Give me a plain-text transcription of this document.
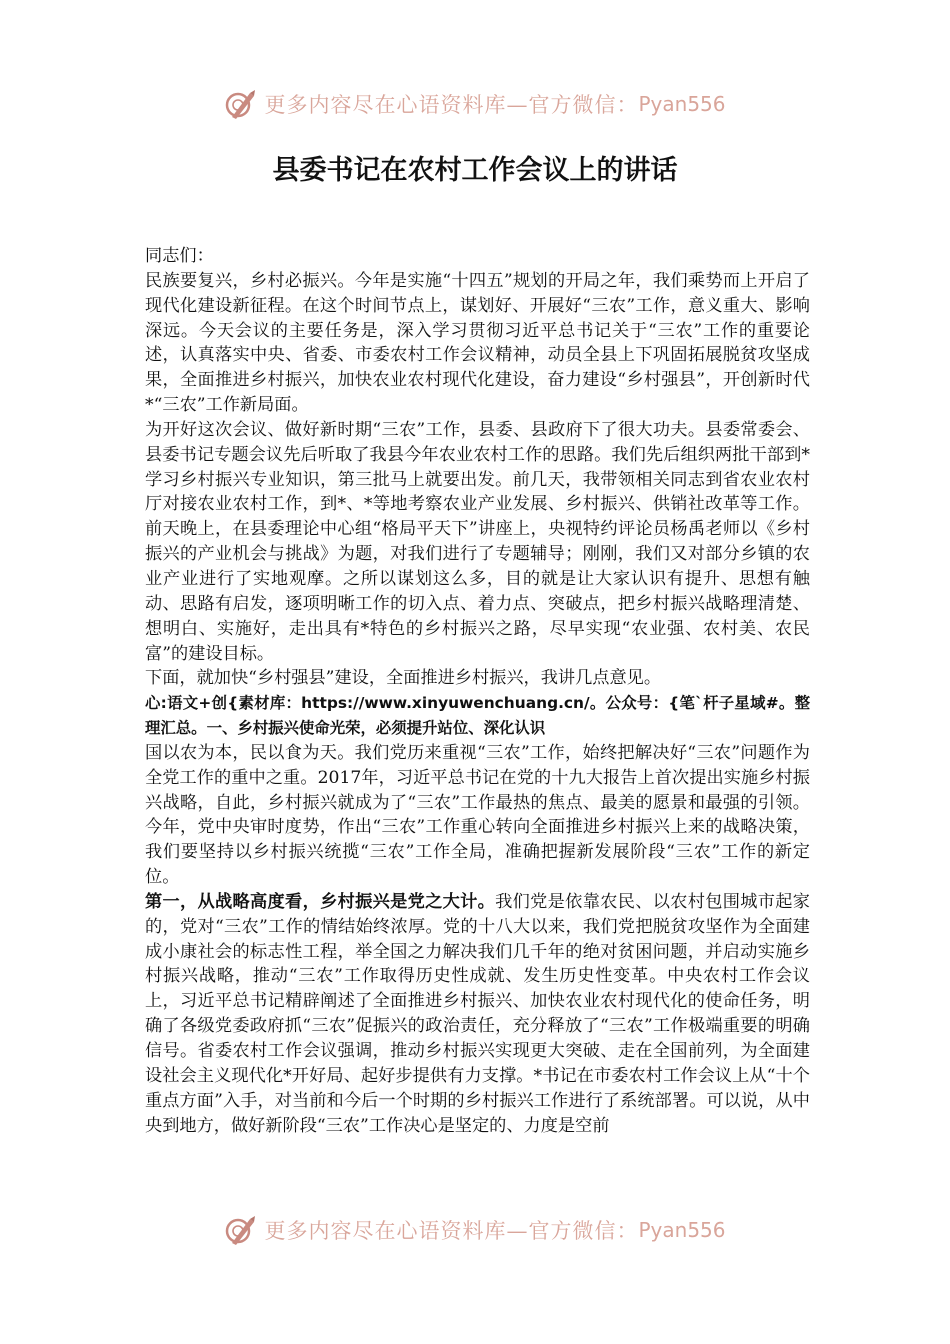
更多内容尽在心语资料库—官方微信： Pyan556
县委书记在农村工作会议上的讲话

同志们：

民族要复兴，乡村必振兴。今年是实施“十四五”规划的开局之年，我们乘势而上开启了现代化建设新征程。在这个时间节点上，谋划好、开展好“三农”工作，意义重大、影响深远。今天会议的主要任务是，深入学习贯彻习近平总书记关于“三农”工作的重要论述，认真落实中央、省委、市委农村工作会议精神，动员全县上下巩固拓展脱贫攻坚成果，全面推进乡村振兴，加快农业农村现代化建设，奋力建设“乡村强县”，开创新时代*“三农”工作新局面。

为开好这次会议、做好新时期“三农”工作，县委、县政府下了很大功夫。县委常委会、县委书记专题会议先后听取了我县今年农业农村工作的思路。我们先后组织两批干部到*学习乡村振兴专业知识，第三批马上就要出发。前几天，我带领相关同志到省农业农村厅对接农业农村工作，到*、*等地考察农业产业发展、乡村振兴、供销社改革等工作。前天晚上，在县委理论中心组“格局平天下”讲座上，央视特约评论员杨禹老师以《乡村振兴的产业机会与挑战》为题，对我们进行了专题辅导；刚刚，我们又对部分乡镇的农业产业进行了实地观摩。之所以谋划这么多，目的就是让大家认识有提升、思想有触动、思路有启发，逐项明晰工作的切入点、着力点、突破点，把乡村振兴战略理清楚、想明白、实施好，走出具有*特色的乡村振兴之路，尽早实现“农业强、农村美、农民富”的建设目标。

下面，就加快“乡村强县”建设，全面推进乡村振兴，我讲几点意见。

心:语文+创{素材库：https://www.xinyuwenchuang.cn/。公众号：{笔`杆子星域#。整理汇总。一、乡村振兴使命光荣，必须提升站位、深化认识

国以农为本，民以食为天。我们党历来重视“三农”工作，始终把解决好“三农”问题作为全党工作的重中之重。2017年，习近平总书记在党的十九大报告上首次提出实施乡村振兴战略，自此，乡村振兴就成为了“三农”工作最热的焦点、最美的愿景和最强的引领。今年，党中央审时度势，作出“三农”工作重心转向全面推进乡村振兴上来的战略决策，我们要坚持以乡村振兴统揽“三农”工作全局，准确把握新发展阶段“三农”工作的新定位。

第一，从战略高度看，乡村振兴是党之大计。我们党是依靠农民、以农村包围城市起家的，党对“三农”工作的情结始终浓厚。党的十八大以来，我们党把脱贫攻坚作为全面建成小康社会的标志性工程，举全国之力解决我们几千年的绝对贫困问题，并启动实施乡村振兴战略，推动“三农”工作取得历史性成就、发生历史性变革。中央农村工作会议上，习近平总书记精辟阐述了全面推进乡村振兴、加快农业农村现代化的使命任务，明确了各级党委政府抓“三农”促振兴的政治责任，充分释放了“三农”工作极端重要的明确信号。省委农村工作会议强调，推动乡村振兴实现更大突破、走在全国前列，为全面建设社会主义现代化*开好局、起好步提供有力支撑。*书记在市委农村工作会议上从“十个重点方面”入手，对当前和今后一个时期的乡村振兴工作进行了系统部署。可以说，从中央到地方，做好新阶段“三农”工作决心是坚定的、力度是空前

更多内容尽在心语资料库—官方微信： Pyan556
